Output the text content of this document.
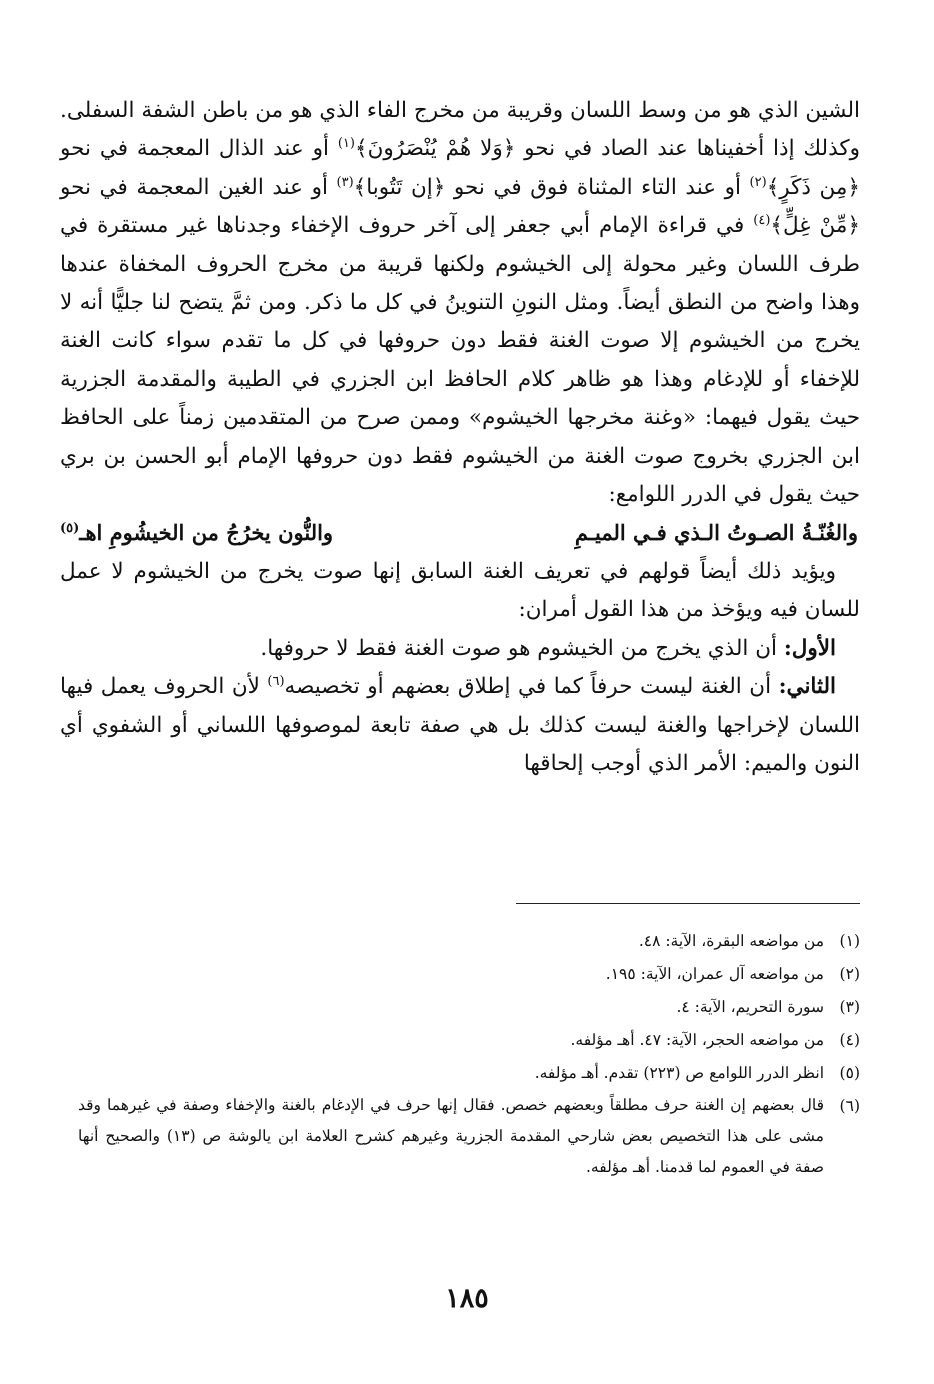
الشين الذي هو من وسط اللسان وقريبة من مخرج الفاء الذي هو من باطن الشفة السفلى. وكذلك إذا أخفيناها عند الصاد في نحو ﴿وَلا هُمْ يُنْصَرُونَ﴾$^{(١)}$ أو عند الذال المعجمة في نحو ﴿مِن ذَكَرٍ﴾$^{(٢)}$ أو عند التاء المثناة فوق في نحو ﴿إن تَتُوبا﴾$^{(٣)}$ أو عند الغين المعجمة في نحو ﴿مِّنْ غِلٍّ﴾$^{(٤)}$ في قراءة الإمام أبي جعفر إلى آخر حروف الإخفاء وجدناها غير مستقرة في طرف اللسان وغير محولة إلى الخيشوم ولكنها قريبة من مخرج الحروف المخفاة عندها وهذا واضح من النطق أيضاً. ومثل النونِ التنوينُ في كل ما ذكر. ومن ثمَّ يتضح لنا جليًّا أنه لا يخرج من الخيشوم إلا صوت الغنة فقط دون حروفها في كل ما تقدم سواء كانت الغنة للإخفاء أو للإدغام وهذا هو ظاهر كلام الحافظ ابن الجزري في الطيبة والمقدمة الجزرية حيث يقول فيهما: «وغنة مخرجها الخيشوم» وممن صرح من المتقدمين زمناً على الحافظ ابن الجزري بخروج صوت الغنة من الخيشوم فقط دون حروفها الإمام أبو الحسن بن بري حيث يقول في الدرر اللوامع:

والغُنّـةُ الصـوتُ الـذي فـي الميـمِ
والنُّون يخرُجُ من الخيشُومِ اهـ$^{(٥)}$

ويؤيد ذلك أيضاً قولهم في تعريف الغنة السابق إنها صوت يخرج من الخيشوم لا عمل للسان فيه ويؤخذ من هذا القول أمران:

الأول: أن الذي يخرج من الخيشوم هو صوت الغنة فقط لا حروفها.

الثاني: أن الغنة ليست حرفاً كما في إطلاق بعضهم أو تخصيصه$^{(٦)}$ لأن الحروف يعمل فيها اللسان لإخراجها والغنة ليست كذلك بل هي صفة تابعة لموصوفها اللساني أو الشفوي أي النون والميم: الأمر الذي أوجب إلحاقها

(١)
من مواضعه البقرة، الآية: ٤٨.
(٢)
من مواضعه آل عمران، الآية: ١٩٥.
(٣)
سورة التحريم، الآية: ٤.
(٤)
من مواضعه الحجر، الآية: ٤٧. أهـ مؤلفه.
(٥)
انظر الدرر اللوامع ص (٢٢٣) تقدم. أهـ مؤلفه.
(٦)
قال بعضهم إن الغنة حرف مطلقاً وبعضهم خصص. فقال إنها حرف في الإدغام بالغنة والإخفاء وصفة في غيرهما وقد مشى على هذا التخصيص بعض شارحي المقدمة الجزرية وغيرهم كشرح العلامة ابن يالوشة ص (١٣) والصحيح أنها صفة في العموم لما قدمنا. أهـ مؤلفه.
١٨٥
